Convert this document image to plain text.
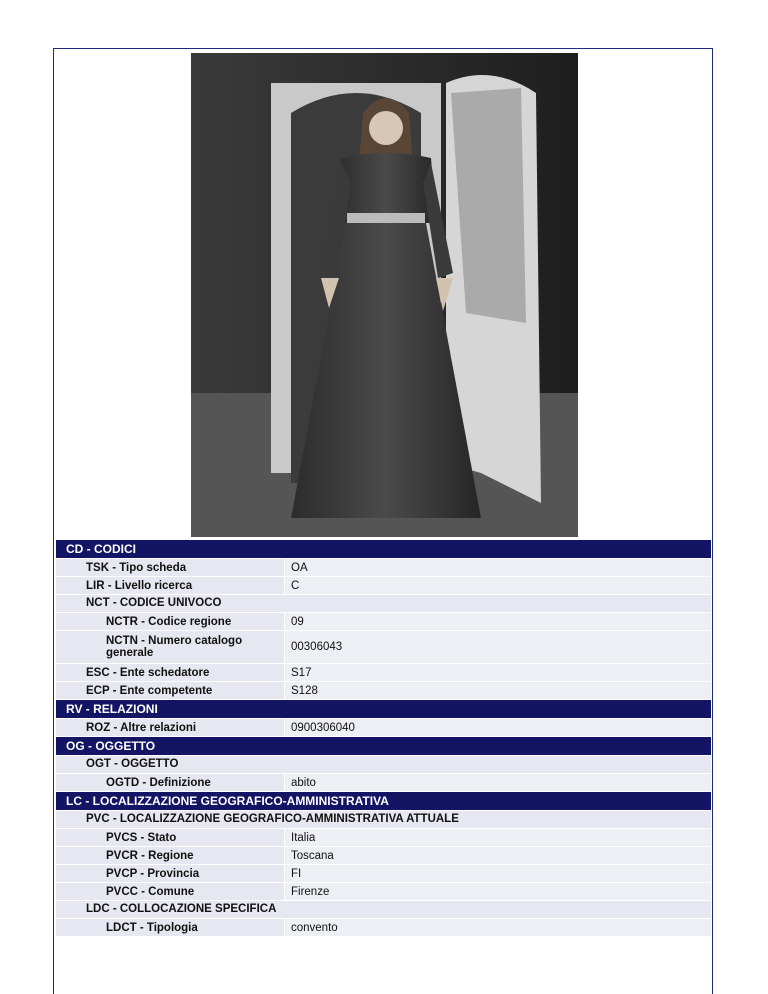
CD - CODICI
TSK - Tipo scheda	OA
LIR - Livello ricerca	C
NCT - CODICE UNIVOCO
NCTR - Codice regione	09
NCTN - Numero catalogo generale	00306043
ESC - Ente schedatore	S17
ECP - Ente competente	S128
RV - RELAZIONI
ROZ - Altre relazioni	0900306040
OG - OGGETTO
OGT - OGGETTO
OGTD - Definizione	abito
LC - LOCALIZZAZIONE GEOGRAFICO-AMMINISTRATIVA
PVC - LOCALIZZAZIONE GEOGRAFICO-AMMINISTRATIVA ATTUALE
PVCS - Stato	Italia
PVCR - Regione	Toscana
PVCP - Provincia	FI
PVCC - Comune	Firenze
LDC - COLLOCAZIONE SPECIFICA
LDCT - Tipologia	convento
